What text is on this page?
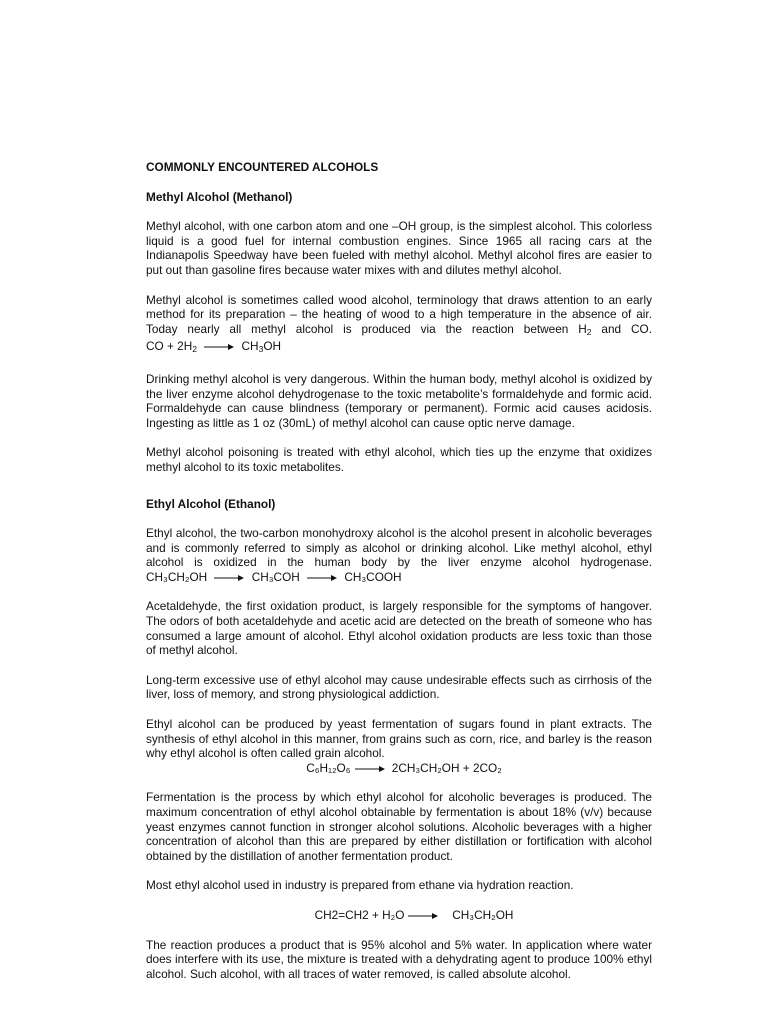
COMMONLY ENCOUNTERED ALCOHOLS
Methyl Alcohol (Methanol)

Methyl alcohol, with one carbon atom and one –OH group, is the simplest alcohol. This colorless liquid is a good fuel for internal combustion engines. Since 1965 all racing cars at the Indianapolis Speedway have been fueled with methyl alcohol. Methyl alcohol fires are easier to put out than gasoline fires because water mixes with and dilutes methyl alcohol.

Methyl alcohol is sometimes called wood alcohol, terminology that draws attention to an early method for its preparation – the heating of wood to a high temperature in the absence of air. Today nearly all methyl alcohol is produced via the reaction between $H_2$ and CO. CO + $2H_2$	$CH_3OH$

Drinking methyl alcohol is very dangerous. Within the human body, methyl alcohol is oxidized by the liver enzyme alcohol dehydrogenase to the toxic metabolite’s formaldehyde and formic acid. Formaldehyde can cause blindness (temporary or permanent). Formic acid causes acidosis. Ingesting as little as 1 oz (30mL) of methyl alcohol can cause optic nerve damage.

Methyl alcohol poisoning is treated with ethyl alcohol, which ties up the enzyme that oxidizes methyl alcohol to its toxic metabolites.

Ethyl Alcohol (Ethanol)

Ethyl alcohol, the two-carbon monohydroxy alcohol is the alcohol present in alcoholic beverages and is commonly referred to simply as alcohol or drinking alcohol. Like methyl alcohol, ethyl alcohol is oxidized in the human body by the liver enzyme alcohol hydrogenase. CH₃CH₂OH	CH₃COH	CH₃COOH

Acetaldehyde, the first oxidation product, is largely responsible for the symptoms of hangover. The odors of both acetaldehyde and acetic acid are detected on the breath of someone who has consumed a large amount of alcohol. Ethyl alcohol oxidation products are less toxic than those of methyl alcohol.

Long-term excessive use of ethyl alcohol may cause undesirable effects such as cirrhosis of the liver, loss of memory, and strong physiological addiction.

Ethyl alcohol can be produced by yeast fermentation of sugars found in plant extracts. The synthesis of ethyl alcohol in this manner, from grains such as corn, rice, and barley is the reason why ethyl alcohol is often called grain alcohol.
C₆H₁₂O₆	2CH₃CH₂OH + 2CO₂

Fermentation is the process by which ethyl alcohol for alcoholic beverages is produced. The maximum concentration of ethyl alcohol obtainable by fermentation is about 18% (v/v) because yeast enzymes cannot function in stronger alcohol solutions. Alcoholic beverages with a higher concentration of alcohol than this are prepared by either distillation or fortification with alcohol obtained by the distillation of another fermentation product.

Most ethyl alcohol used in industry is prepared from ethane via hydration reaction.

CH2=CH2 + H₂O	CH₃CH₂OH

The reaction produces a product that is 95% alcohol and 5% water. In application where water does interfere with its use, the mixture is treated with a dehydrating agent to produce 100% ethyl alcohol. Such alcohol, with all traces of water removed, is called absolute alcohol.
